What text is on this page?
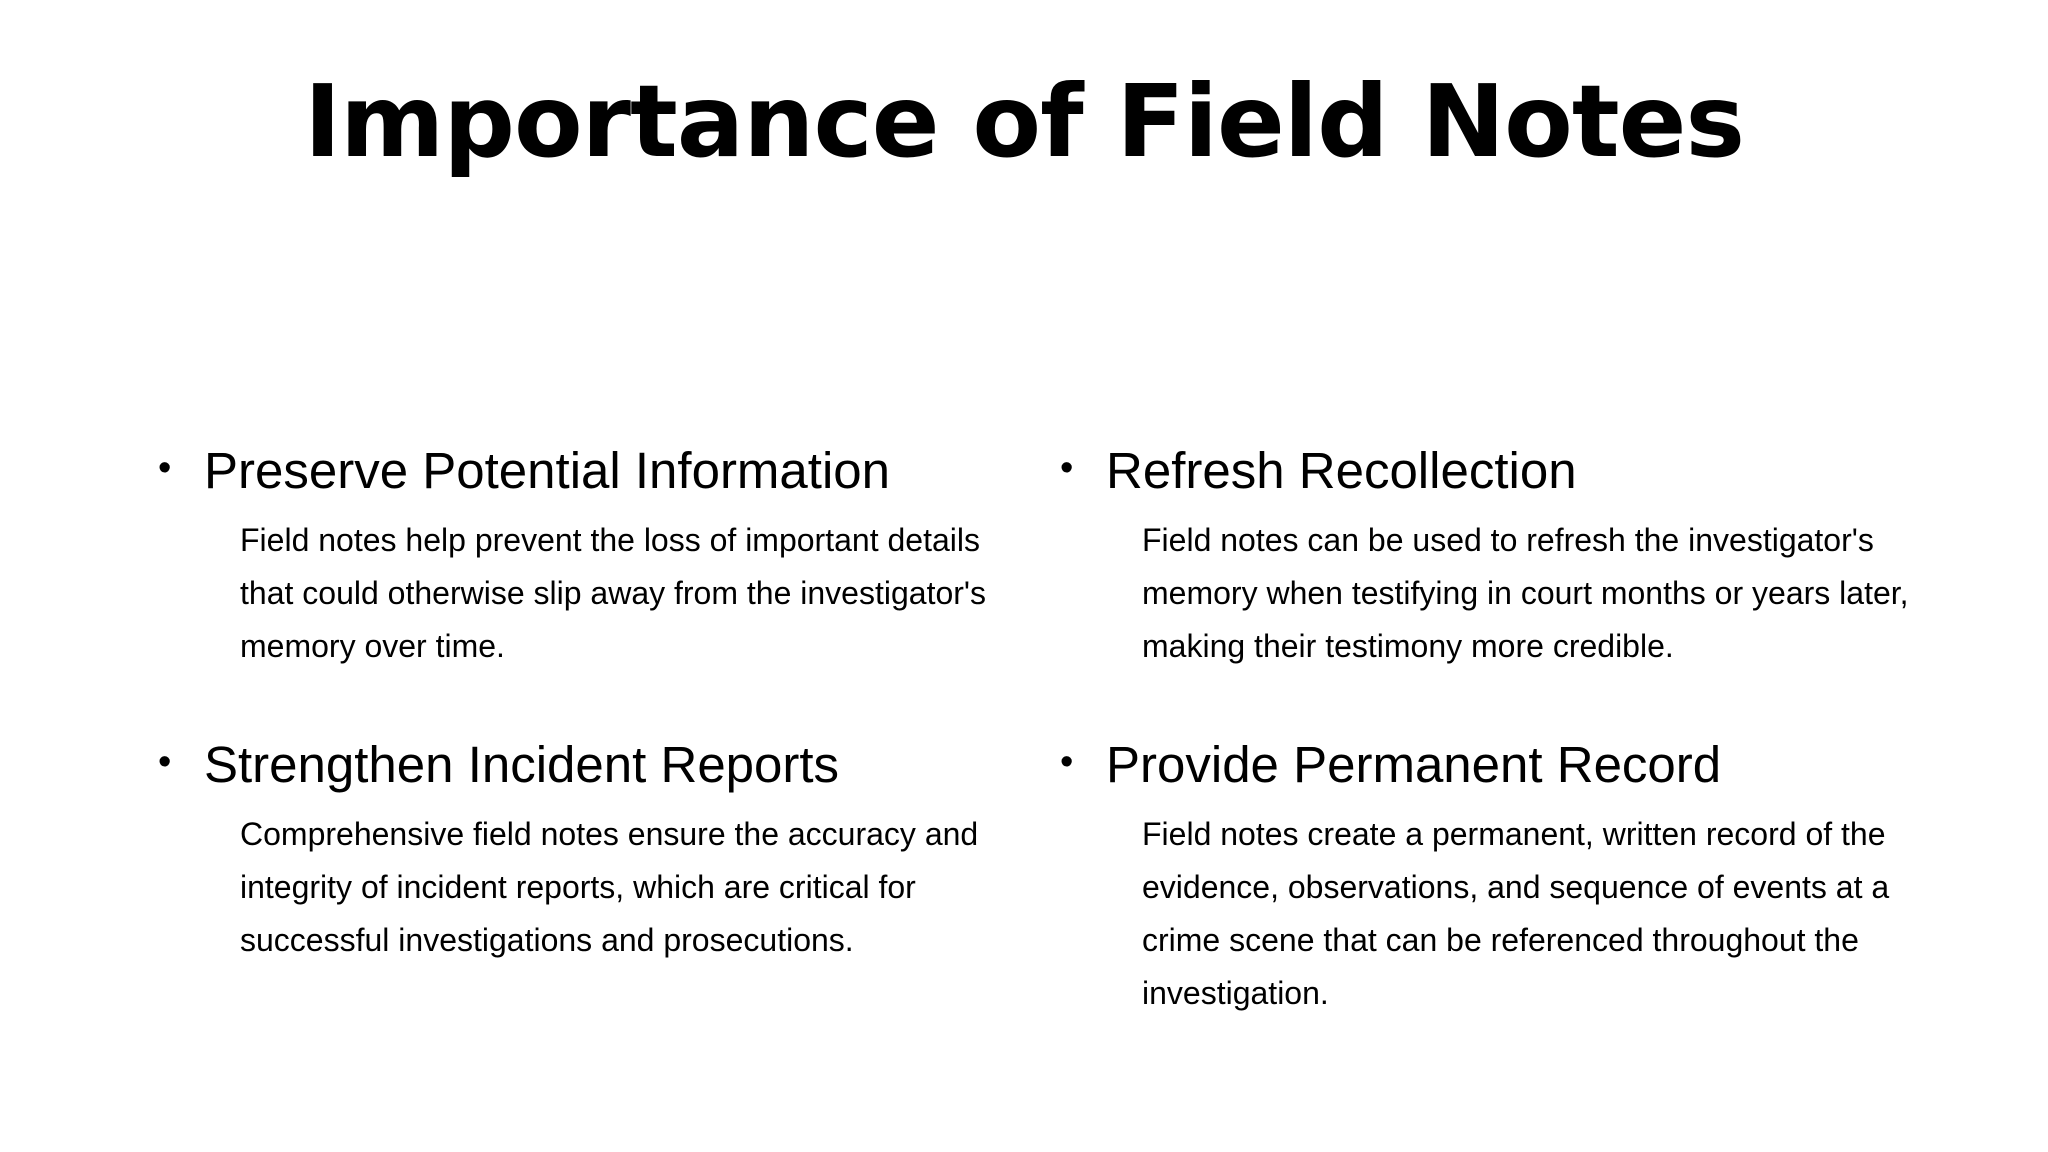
Importance of Field Notes
• Preserve Potential Information
Field notes help prevent the loss of important details that could otherwise slip away from the investigator's memory over time.
• Refresh Recollection
Field notes can be used to refresh the investigator's memory when testifying in court months or years later, making their testimony more credible.
• Strengthen Incident Reports
Comprehensive field notes ensure the accuracy and integrity of incident reports, which are critical for successful investigations and prosecutions.
• Provide Permanent Record
Field notes create a permanent, written record of the evidence, observations, and sequence of events at a crime scene that can be referenced throughout the investigation.
